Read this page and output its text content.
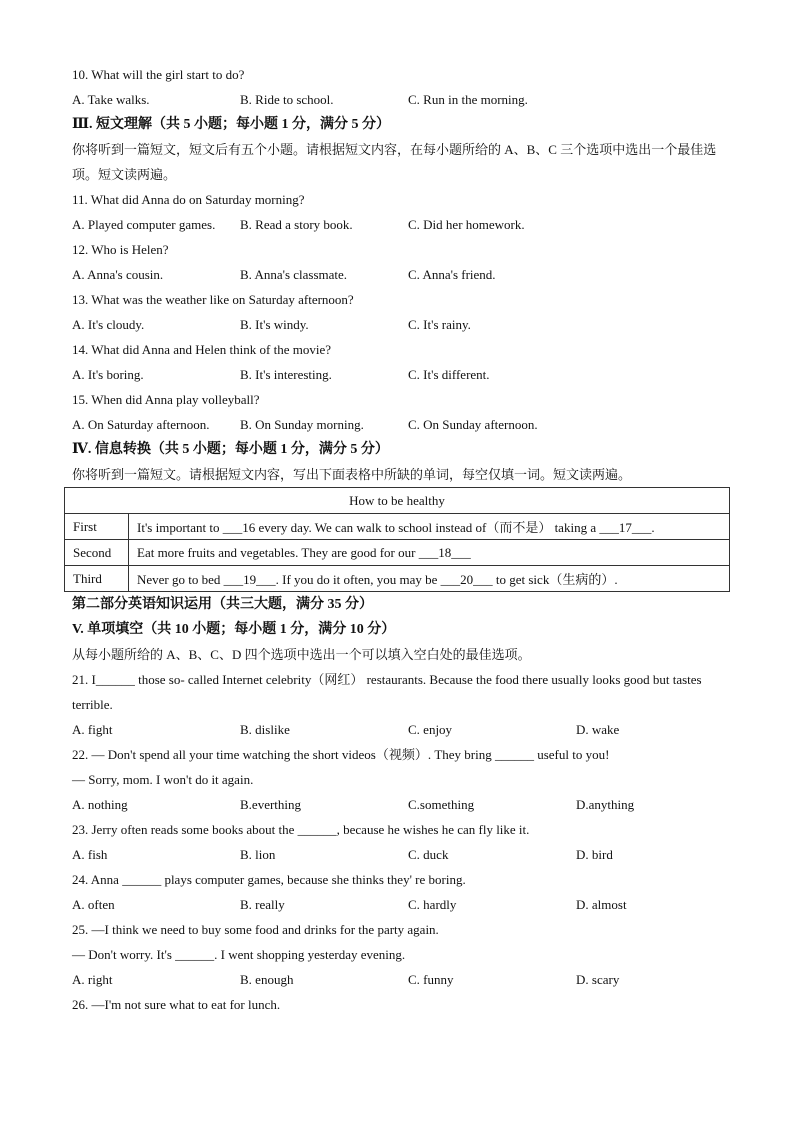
10. What will the girl start to do?
A. Take walks.	B. Ride to school.	C. Run in the morning.
Ⅲ. 短文理解（共 5 小题；每小题 1 分，满分 5 分）
你将听到一篇短文，短文后有五个小题。请根据短文内容，在每小题所给的 A、B、C 三个选项中选出一个最佳选项。短文读两遍。
11. What did Anna do on Saturday morning?
A. Played computer games. B. Read a story book.	C. Did her homework.
12. Who is Helen?
A. Anna's cousin.	B. Anna's classmate.	C. Anna's friend.
13. What was the weather like on Saturday afternoon?
A. It's cloudy.	B. It's windy.	C. It's rainy.
14. What did Anna and Helen think of the movie?
A. It's boring.	B. It's interesting.	C. It's different.
15. When did Anna play volleyball?
A. On Saturday afternoon. B. On Sunday morning.	C. On Sunday afternoon.
Ⅳ. 信息转换（共 5 小题；每小题 1 分，满分 5 分）
你将听到一篇短文。请根据短文内容，写出下面表格中所缺的单词，每空仅填一词。短文读两遍。
How to be healthy	
First	It's important to ___16 every day. We can walk to school instead of（而不是） taking a ___17___.
Second	Eat more fruits and vegetables. They are good for our ___18___
Third	Never go to bed ___19___. If you do it often, you may be ___20___ to get sick（生病的）.
第二部分英语知识运用（共三大题，满分 35 分）
V. 单项填空（共 10 小题；每小题 1 分，满分 10 分）
从每小题所给的 A、B、C、D 四个选项中选出一个可以填入空白处的最佳选项。
21. I______ those so- called Internet celebrity（网红） restaurants. Because the food there usually looks good but tastes terrible.
A. fight	B. dislike	C. enjoy	D. wake
22. — Don't spend all your time watching the short videos（视频）. They bring ______ useful to you!
— Sorry, mom. I won't do it again.
A. nothing	B.everthing	C.something	D.anything
23. Jerry often reads some books about the ______, because he wishes he can fly like it.
A. fish	B. lion	C. duck	D. bird
24. Anna ______ plays computer games, because she thinks they' re boring.
A. often	B. really	C. hardly	D. almost
25. —I think we need to buy some food and drinks for the party again.
— Don't worry. It's ______. I went shopping yesterday evening.
A. right	B. enough	C. funny	D. scary
26. —I'm not sure what to eat for lunch.
